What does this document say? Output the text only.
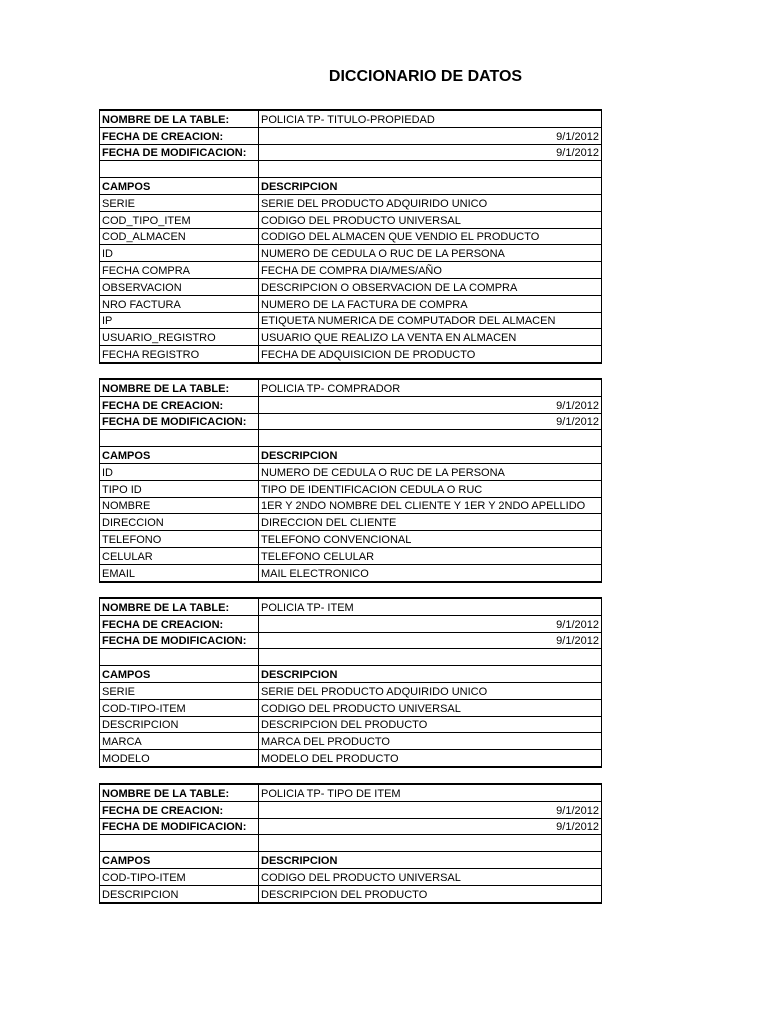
DICCIONARIO DE DATOS
NOMBRE DE LA TABLE:	POLICIA TP- TITULO-PROPIEDAD
FECHA DE CREACION:	9/1/2012
FECHA DE MODIFICACION:	9/1/2012

CAMPOS	DESCRIPCION
SERIE	SERIE DEL PRODUCTO ADQUIRIDO UNICO
COD_TIPO_ITEM	CODIGO DEL PRODUCTO UNIVERSAL
COD_ALMACEN	CODIGO DEL ALMACEN QUE VENDIO EL PRODUCTO
ID	NUMERO DE CEDULA O RUC DE LA PERSONA
FECHA COMPRA	FECHA DE COMPRA DIA/MES/AÑO
OBSERVACION	DESCRIPCION O OBSERVACION DE LA COMPRA
NRO FACTURA	NUMERO DE LA FACTURA DE COMPRA
IP	ETIQUETA NUMERICA DE COMPUTADOR DEL ALMACEN
USUARIO_REGISTRO	USUARIO QUE REALIZO LA VENTA EN ALMACEN
FECHA REGISTRO	FECHA DE ADQUISICION DE PRODUCTO
NOMBRE DE LA TABLE:	POLICIA TP- COMPRADOR
FECHA DE CREACION:	9/1/2012
FECHA DE MODIFICACION:	9/1/2012

CAMPOS	DESCRIPCION
ID	NUMERO DE CEDULA O RUC DE LA PERSONA
TIPO ID	TIPO DE IDENTIFICACION CEDULA O RUC
NOMBRE	1ER Y 2NDO NOMBRE DEL CLIENTE Y 1ER Y 2NDO APELLIDO
DIRECCION	DIRECCION DEL CLIENTE
TELEFONO	TELEFONO CONVENCIONAL
CELULAR	TELEFONO CELULAR
EMAIL	MAIL ELECTRONICO
NOMBRE DE LA TABLE:	POLICIA TP- ITEM
FECHA DE CREACION:	9/1/2012
FECHA DE MODIFICACION:	9/1/2012

CAMPOS	DESCRIPCION
SERIE	SERIE DEL PRODUCTO ADQUIRIDO UNICO
COD-TIPO-ITEM	CODIGO DEL PRODUCTO UNIVERSAL
DESCRIPCION	DESCRIPCION DEL PRODUCTO
MARCA	MARCA DEL PRODUCTO
MODELO	MODELO DEL PRODUCTO
NOMBRE DE LA TABLE:	POLICIA TP- TIPO DE ITEM
FECHA DE CREACION:	9/1/2012
FECHA DE MODIFICACION:	9/1/2012

CAMPOS	DESCRIPCION
COD-TIPO-ITEM	CODIGO DEL PRODUCTO UNIVERSAL
DESCRIPCION	DESCRIPCION DEL PRODUCTO
